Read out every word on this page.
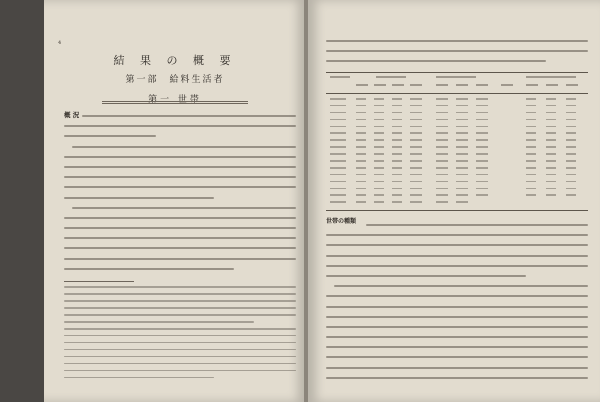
4
結 果 の 概 要
第一部　給料生活者
第一 世帯
概 況
世帯の種類
